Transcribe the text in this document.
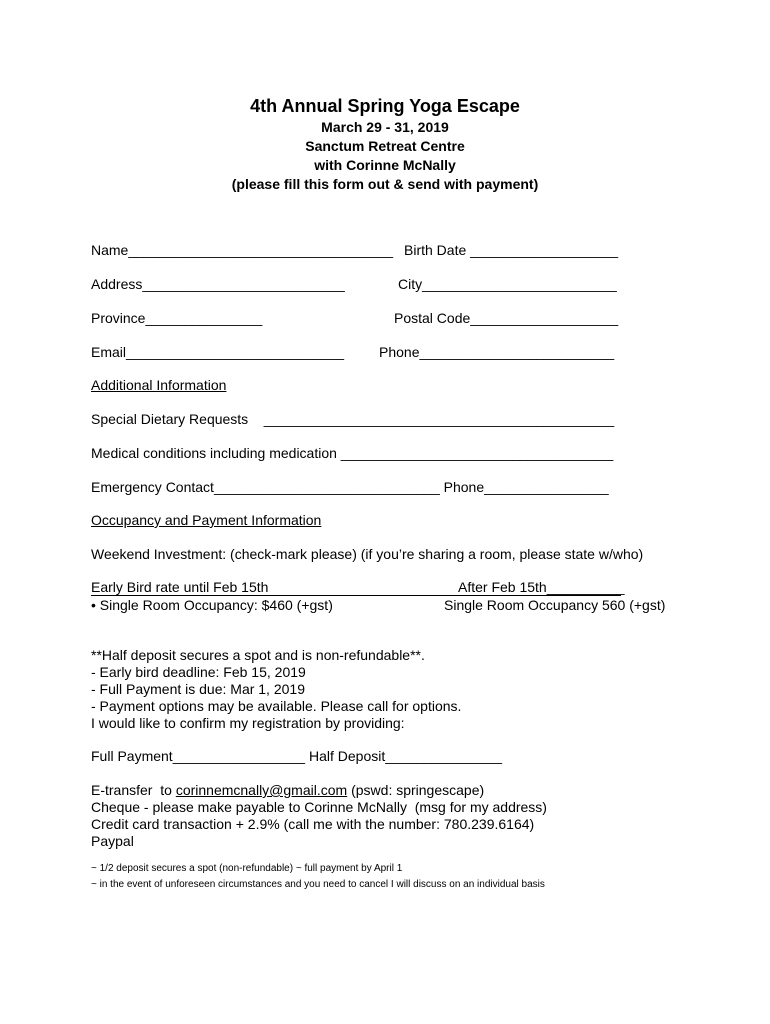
4th Annual Spring Yoga Escape
March 29 - 31, 2019
Sanctum Retreat Centre
with Corinne McNally
(please fill this form out & send with payment)
Name__________________________________ Birth Date ___________________
Address__________________________	City_________________________
Province_______________	Postal Code___________________
Email____________________________ Phone_________________________
Additional Information
Special Dietary Requests    _____________________________________________
Medical conditions including medication ___________________________________
Emergency Contact_____________________________ Phone________________
Occupancy and Payment Information
Weekend Investment: (check-mark please) (if you’re sharing a room, please state w/who)
Early Bird rate until Feb 15th	After Feb 15th__________
• Single Room Occupancy: $460 (+gst)	Single Room Occupancy 560 (+gst)
**Half deposit secures a spot and is non-refundable**.
- Early bird deadline: Feb 15, 2019
- Full Payment is due: Mar 1, 2019
- Payment options may be available. Please call for options.
I would like to confirm my registration by providing:
Full Payment_________________ Half Deposit_______________
E-transfer  to corinnemcnally@gmail.com (pswd: springescape)
Cheque - please make payable to Corinne McNally  (msg for my address)
Credit card transaction + 2.9% (call me with the number: 780.239.6164)
Paypal
~ 1/2 deposit secures a spot (non-refundable) ~ full payment by April 1
~ in the event of unforeseen circumstances and you need to cancel I will discuss on an individual basis
